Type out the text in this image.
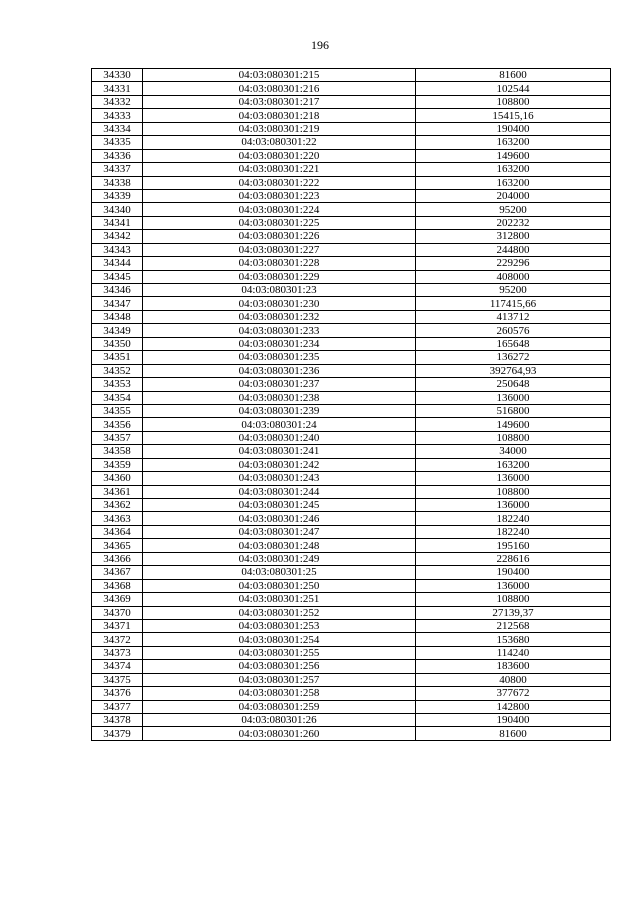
196
34330	04:03:080301:215	81600
34331	04:03:080301:216	102544
34332	04:03:080301:217	108800
34333	04:03:080301:218	15415,16
34334	04:03:080301:219	190400
34335	04:03:080301:22	163200
34336	04:03:080301:220	149600
34337	04:03:080301:221	163200
34338	04:03:080301:222	163200
34339	04:03:080301:223	204000
34340	04:03:080301:224	95200
34341	04:03:080301:225	202232
34342	04:03:080301:226	312800
34343	04:03:080301:227	244800
34344	04:03:080301:228	229296
34345	04:03:080301:229	408000
34346	04:03:080301:23	95200
34347	04:03:080301:230	117415,66
34348	04:03:080301:232	413712
34349	04:03:080301:233	260576
34350	04:03:080301:234	165648
34351	04:03:080301:235	136272
34352	04:03:080301:236	392764,93
34353	04:03:080301:237	250648
34354	04:03:080301:238	136000
34355	04:03:080301:239	516800
34356	04:03:080301:24	149600
34357	04:03:080301:240	108800
34358	04:03:080301:241	34000
34359	04:03:080301:242	163200
34360	04:03:080301:243	136000
34361	04:03:080301:244	108800
34362	04:03:080301:245	136000
34363	04:03:080301:246	182240
34364	04:03:080301:247	182240
34365	04:03:080301:248	195160
34366	04:03:080301:249	228616
34367	04:03:080301:25	190400
34368	04:03:080301:250	136000
34369	04:03:080301:251	108800
34370	04:03:080301:252	27139,37
34371	04:03:080301:253	212568
34372	04:03:080301:254	153680
34373	04:03:080301:255	114240
34374	04:03:080301:256	183600
34375	04:03:080301:257	40800
34376	04:03:080301:258	377672
34377	04:03:080301:259	142800
34378	04:03:080301:26	190400
34379	04:03:080301:260	81600
